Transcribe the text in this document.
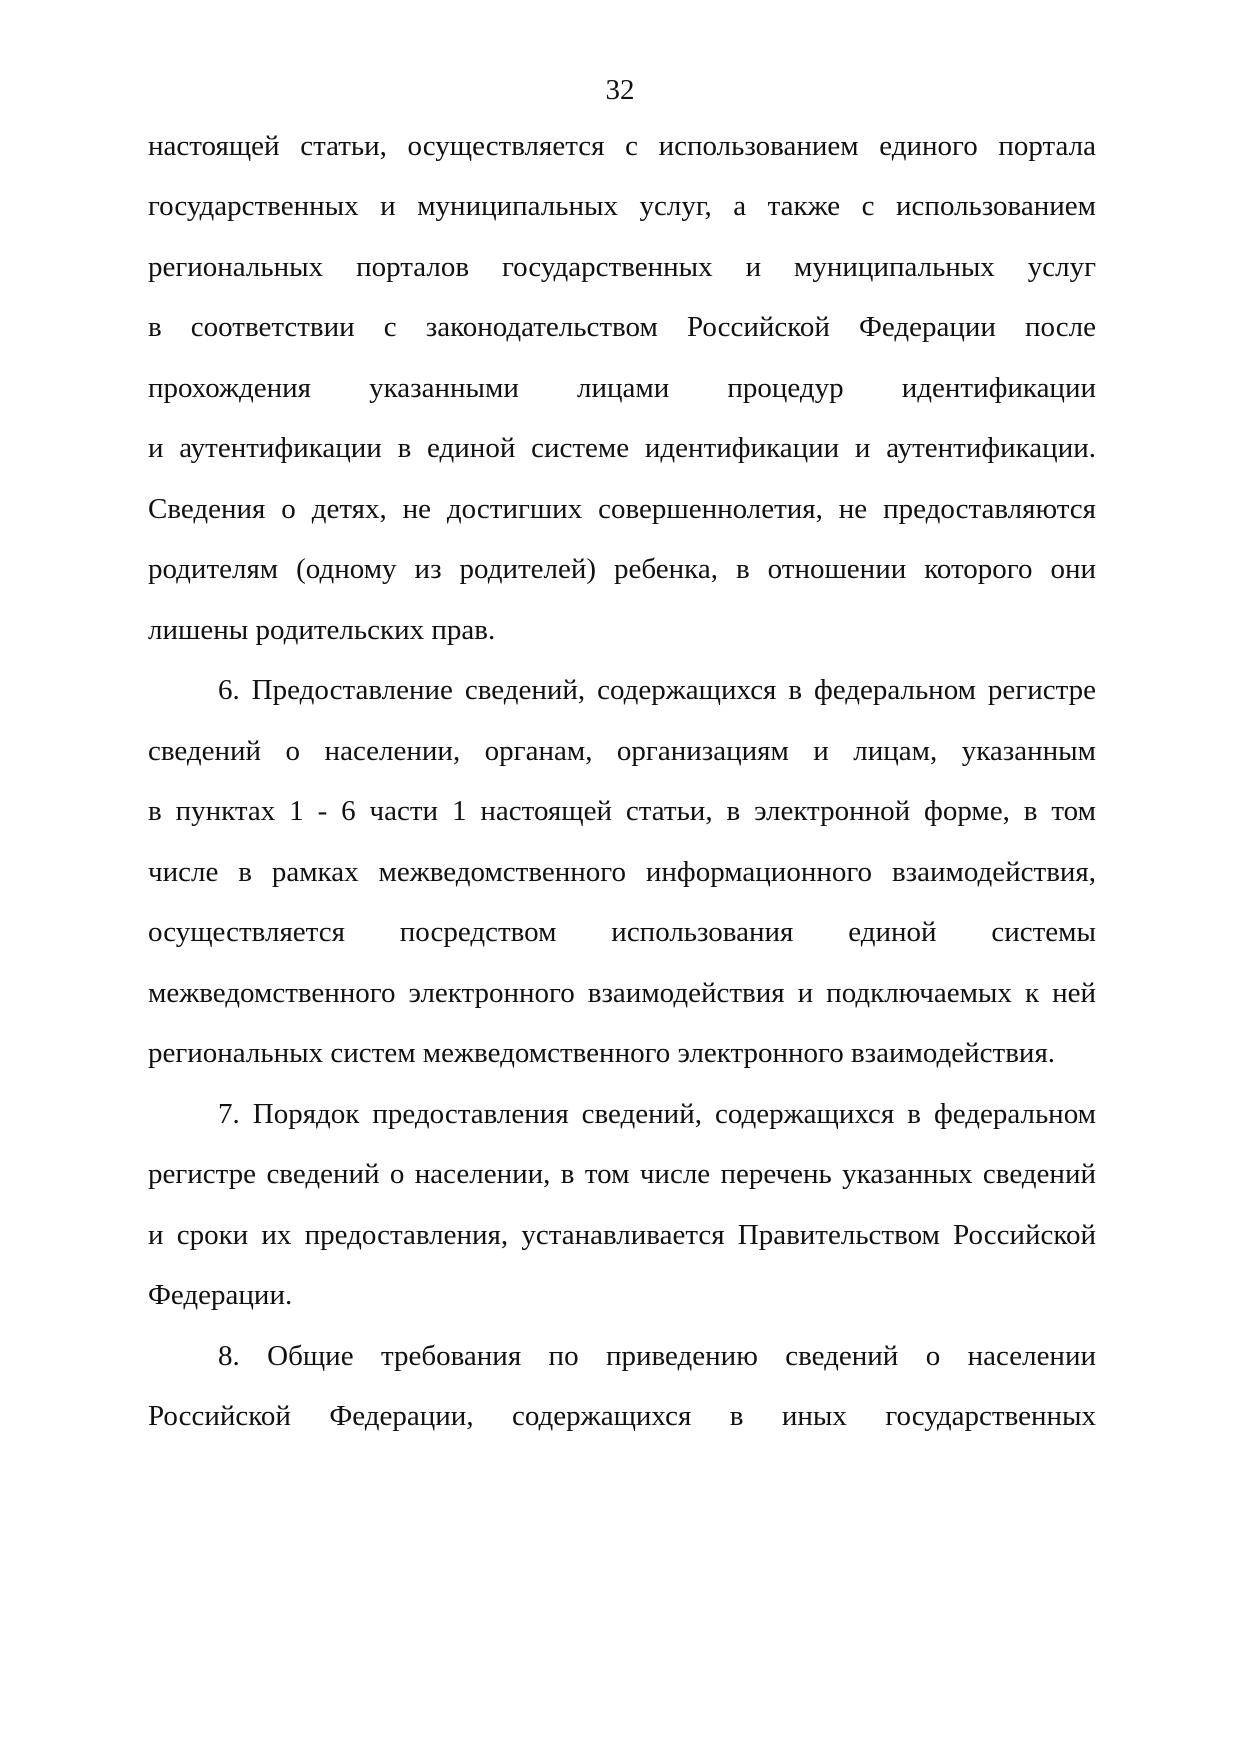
32
настоящей статьи, осуществляется с использованием единого портала
государственных и муниципальных услуг, а также с использованием
региональных порталов государственных и муниципальных услуг
в соответствии с законодательством Российской Федерации после
прохождения указанными лицами процедур идентификации
и аутентификации в единой системе идентификации и аутентификации.
Сведения о детях, не достигших совершеннолетия, не предоставляются
родителям (одному из родителей) ребенка, в отношении которого они
лишены родительских прав.
6. Предоставление сведений, содержащихся в федеральном регистре
сведений о населении, органам, организациям и лицам, указанным
в пунктах 1 - 6 части 1 настоящей статьи, в электронной форме, в том
числе в рамках межведомственного информационного взаимодействия,
осуществляется посредством использования единой системы
межведомственного электронного взаимодействия и подключаемых к ней
региональных систем межведомственного электронного взаимодействия.
7. Порядок предоставления сведений, содержащихся в федеральном
регистре сведений о населении, в том числе перечень указанных сведений
и сроки их предоставления, устанавливается Правительством Российской
Федерации.
8. Общие требования по приведению сведений о населении
Российской Федерации, содержащихся в иных государственных
